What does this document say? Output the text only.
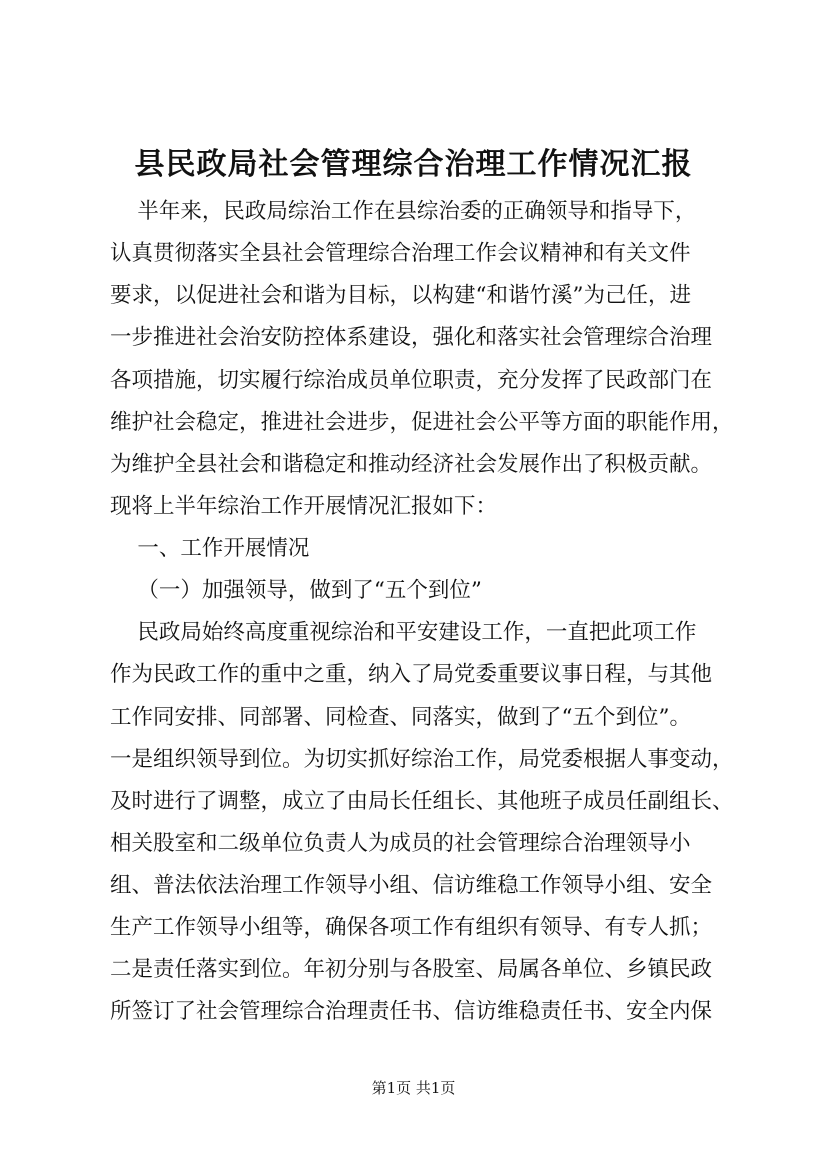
县民政局社会管理综合治理工作情况汇报
半年来，民政局综治工作在县综治委的正确领导和指导下，
认真贯彻落实全县社会管理综合治理工作会议精神和有关文件
要求，以促进社会和谐为目标，以构建“和谐竹溪”为己任，进
一步推进社会治安防控体系建设，强化和落实社会管理综合治理
各项措施，切实履行综治成员单位职责，充分发挥了民政部门在
维护社会稳定，推进社会进步，促进社会公平等方面的职能作用，
为维护全县社会和谐稳定和推动经济社会发展作出了积极贡献。
现将上半年综治工作开展情况汇报如下：
一、工作开展情况
（一）加强领导，做到了“五个到位”
民政局始终高度重视综治和平安建设工作，一直把此项工作
作为民政工作的重中之重，纳入了局党委重要议事日程，与其他
工作同安排、同部署、同检查、同落实，做到了“五个到位”。
一是组织领导到位。为切实抓好综治工作，局党委根据人事变动，
及时进行了调整，成立了由局长任组长、其他班子成员任副组长、
相关股室和二级单位负责人为成员的社会管理综合治理领导小
组、普法依法治理工作领导小组、信访维稳工作领导小组、安全
生产工作领导小组等，确保各项工作有组织有领导、有专人抓；
二是责任落实到位。年初分别与各股室、局属各单位、乡镇民政
所签订了社会管理综合治理责任书、信访维稳责任书、安全内保
第1页 共1页
